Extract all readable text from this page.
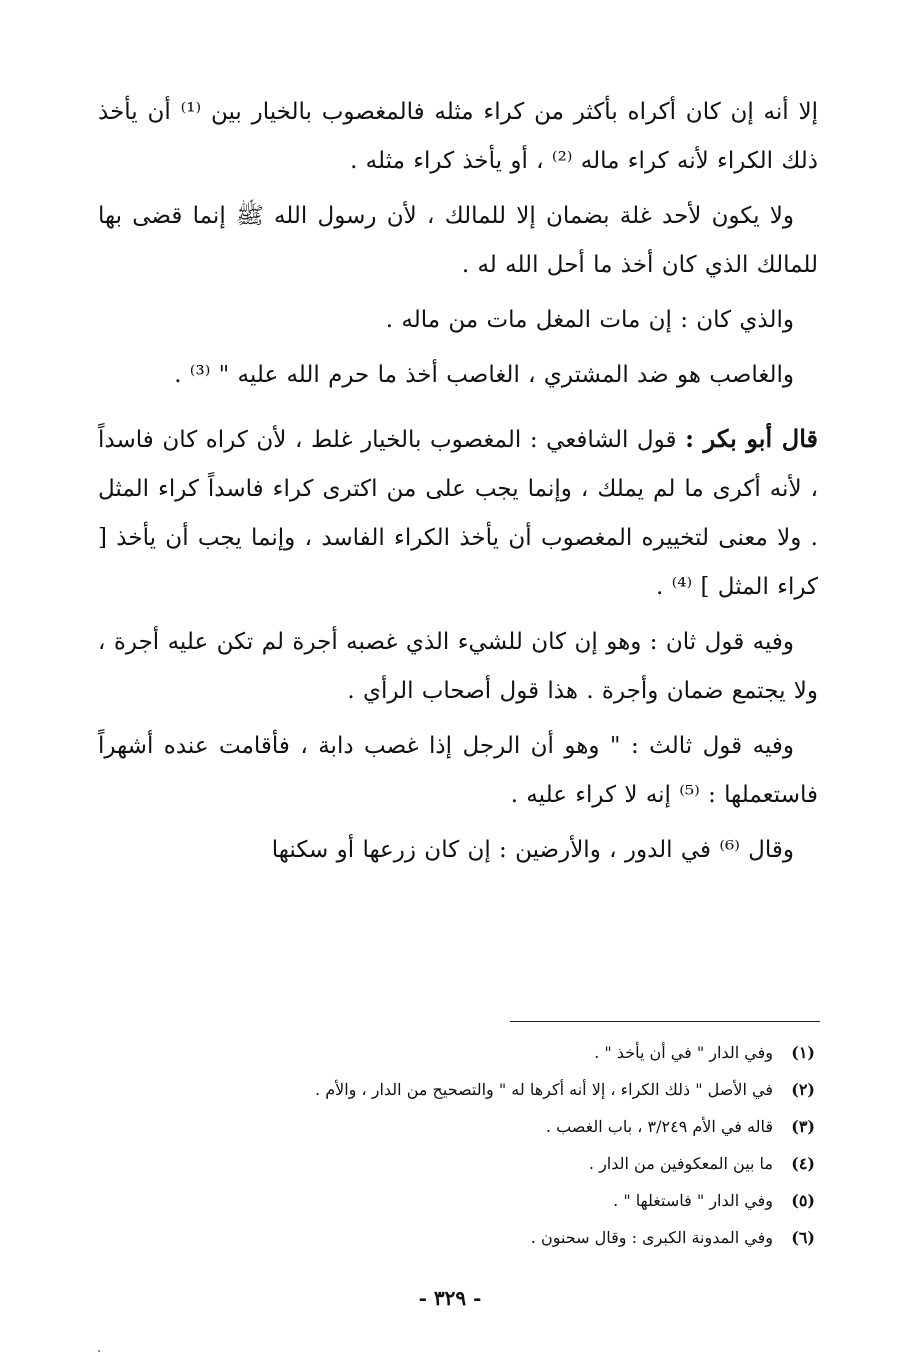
إلا أنه إن كان أكراه بأكثر من كراء مثله فالمغصوب بالخيار بين ⁽¹⁾ أن يأخذ ذلك الكراء لأنه كراء ماله ⁽²⁾ ، أو يأخذ كراء مثله .

ولا يكون لأحد غلة بضمان إلا للمالك ، لأن رسول الله ﷺ إنما قضى بها للمالك الذي كان أخذ ما أحل الله له .

والذي كان : إن مات المغل مات من ماله .

والغاصب هو ضد المشتري ، الغاصب أخذ ما حرم الله عليه " ⁽³⁾ .

قال أبو بكر : قول الشافعي : المغصوب بالخيار غلط ، لأن كراه كان فاسداً ، لأنه أكرى ما لم يملك ، وإنما يجب على من اكترى كراء فاسداً كراء المثل . ولا معنى لتخييره المغصوب أن يأخذ الكراء الفاسد ، وإنما يجب أن يأخذ [ كراء المثل ] ⁽⁴⁾ .

وفيه قول ثان : وهو إن كان للشيء الذي غصبه أجرة لم تكن عليه أجرة ، ولا يجتمع ضمان وأجرة . هذا قول أصحاب الرأي .

وفيه قول ثالث : " وهو أن الرجل إذا غصب دابة ، فأقامت عنده أشهراً فاستعملها : ⁽⁵⁾ إنه لا كراء عليه .

وقال ⁽⁶⁾ في الدور ، والأرضين : إن كان زرعها أو سكنها

(١)وفي الدار " في أن يأخذ " .

(٢)في الأصل " ذلك الكراء ، إلا أنه أكرها له " والتصحيح من الدار ، والأم .

(٣)قاله في الأم ٣/٢٤٩ ، باب الغصب .

(٤)ما بين المعكوفين من الدار .

(٥)وفي الدار " فاستغلها " .

(٦)وفي المدونة الكبرى : وقال سحنون .

- ٣٢٩ -
